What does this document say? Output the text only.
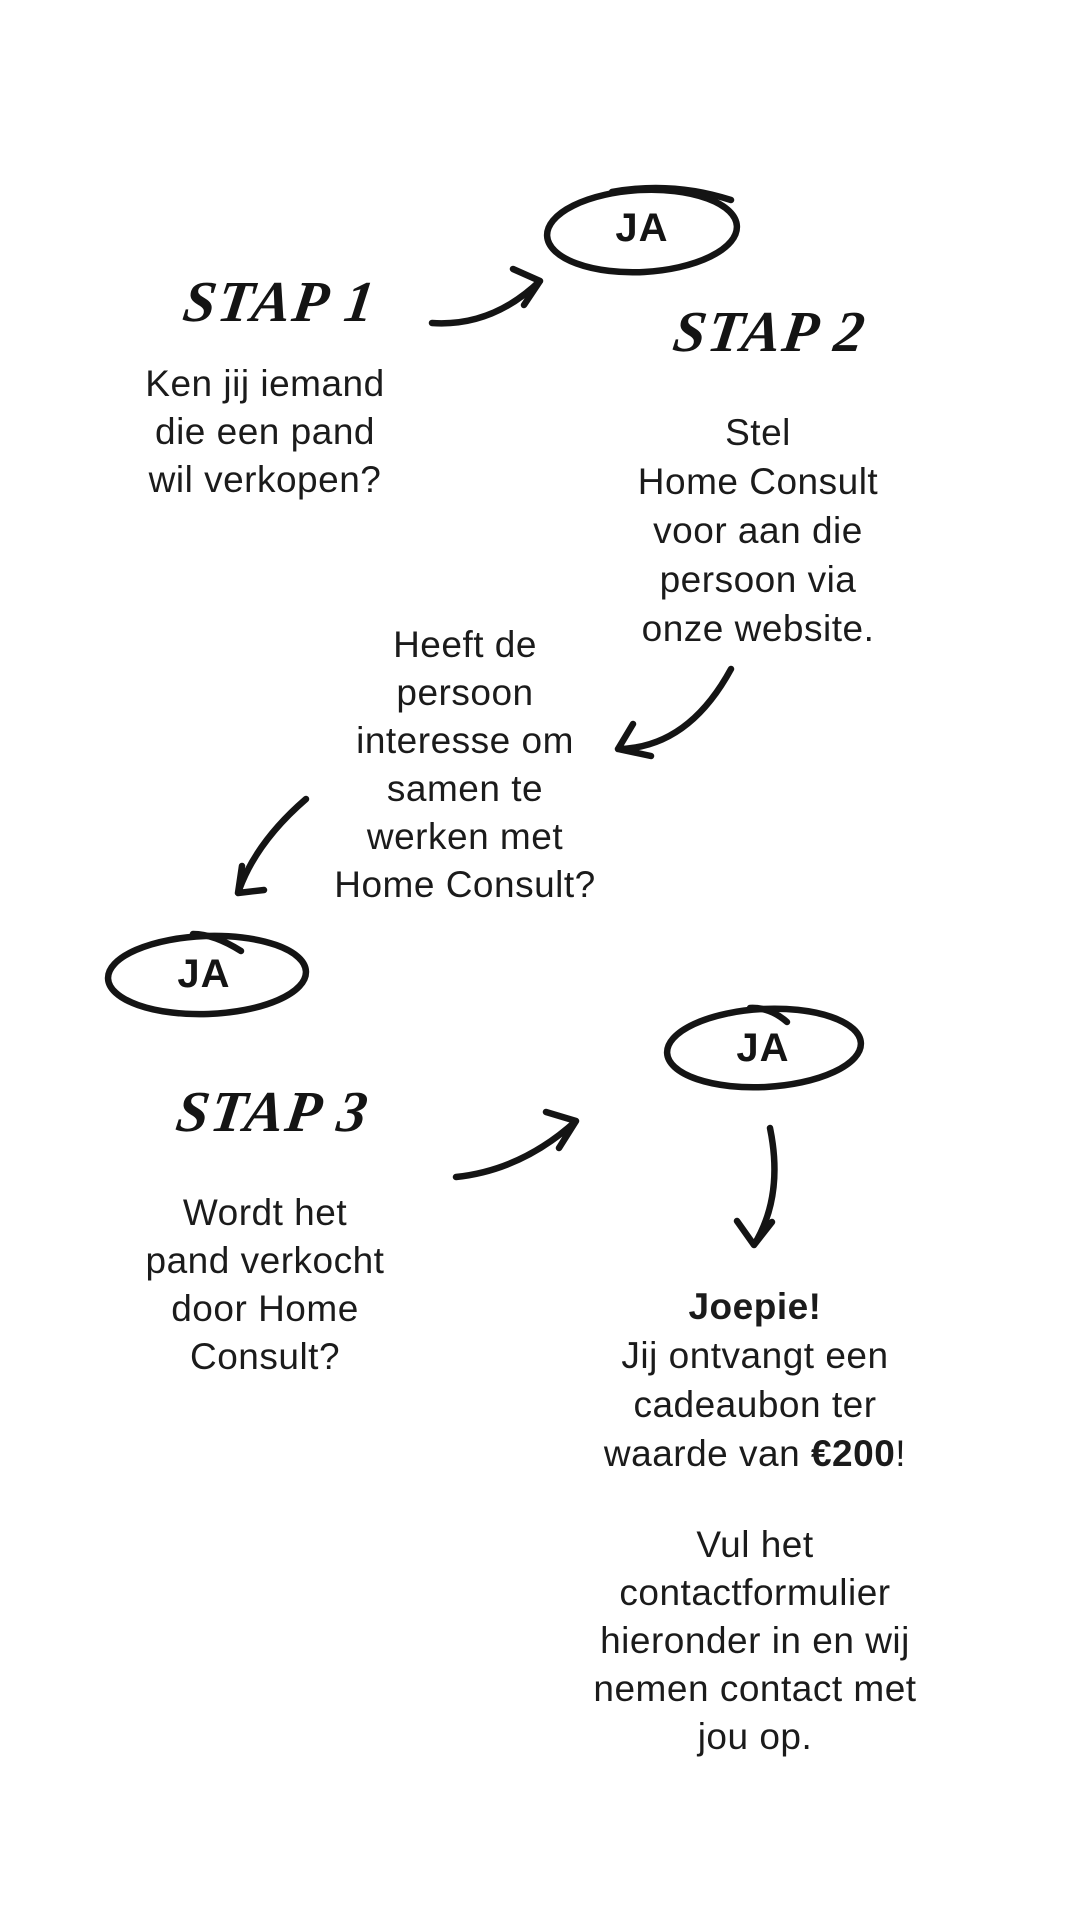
JA
JA
JA
STAP 1
Ken jij iemand
die een pand
wil verkopen?
STAP 2
Stel
Home Consult
voor aan die
persoon via
onze website.
Heeft de
persoon
interesse om
samen te
werken met
Home Consult?
STAP 3
Wordt het
pand verkocht
door Home
Consult?
Joepie!
Jij ontvangt een
cadeaubon ter
waarde van €200!
Vul het
contactformulier
hieronder in en wij
nemen contact met
jou op.
